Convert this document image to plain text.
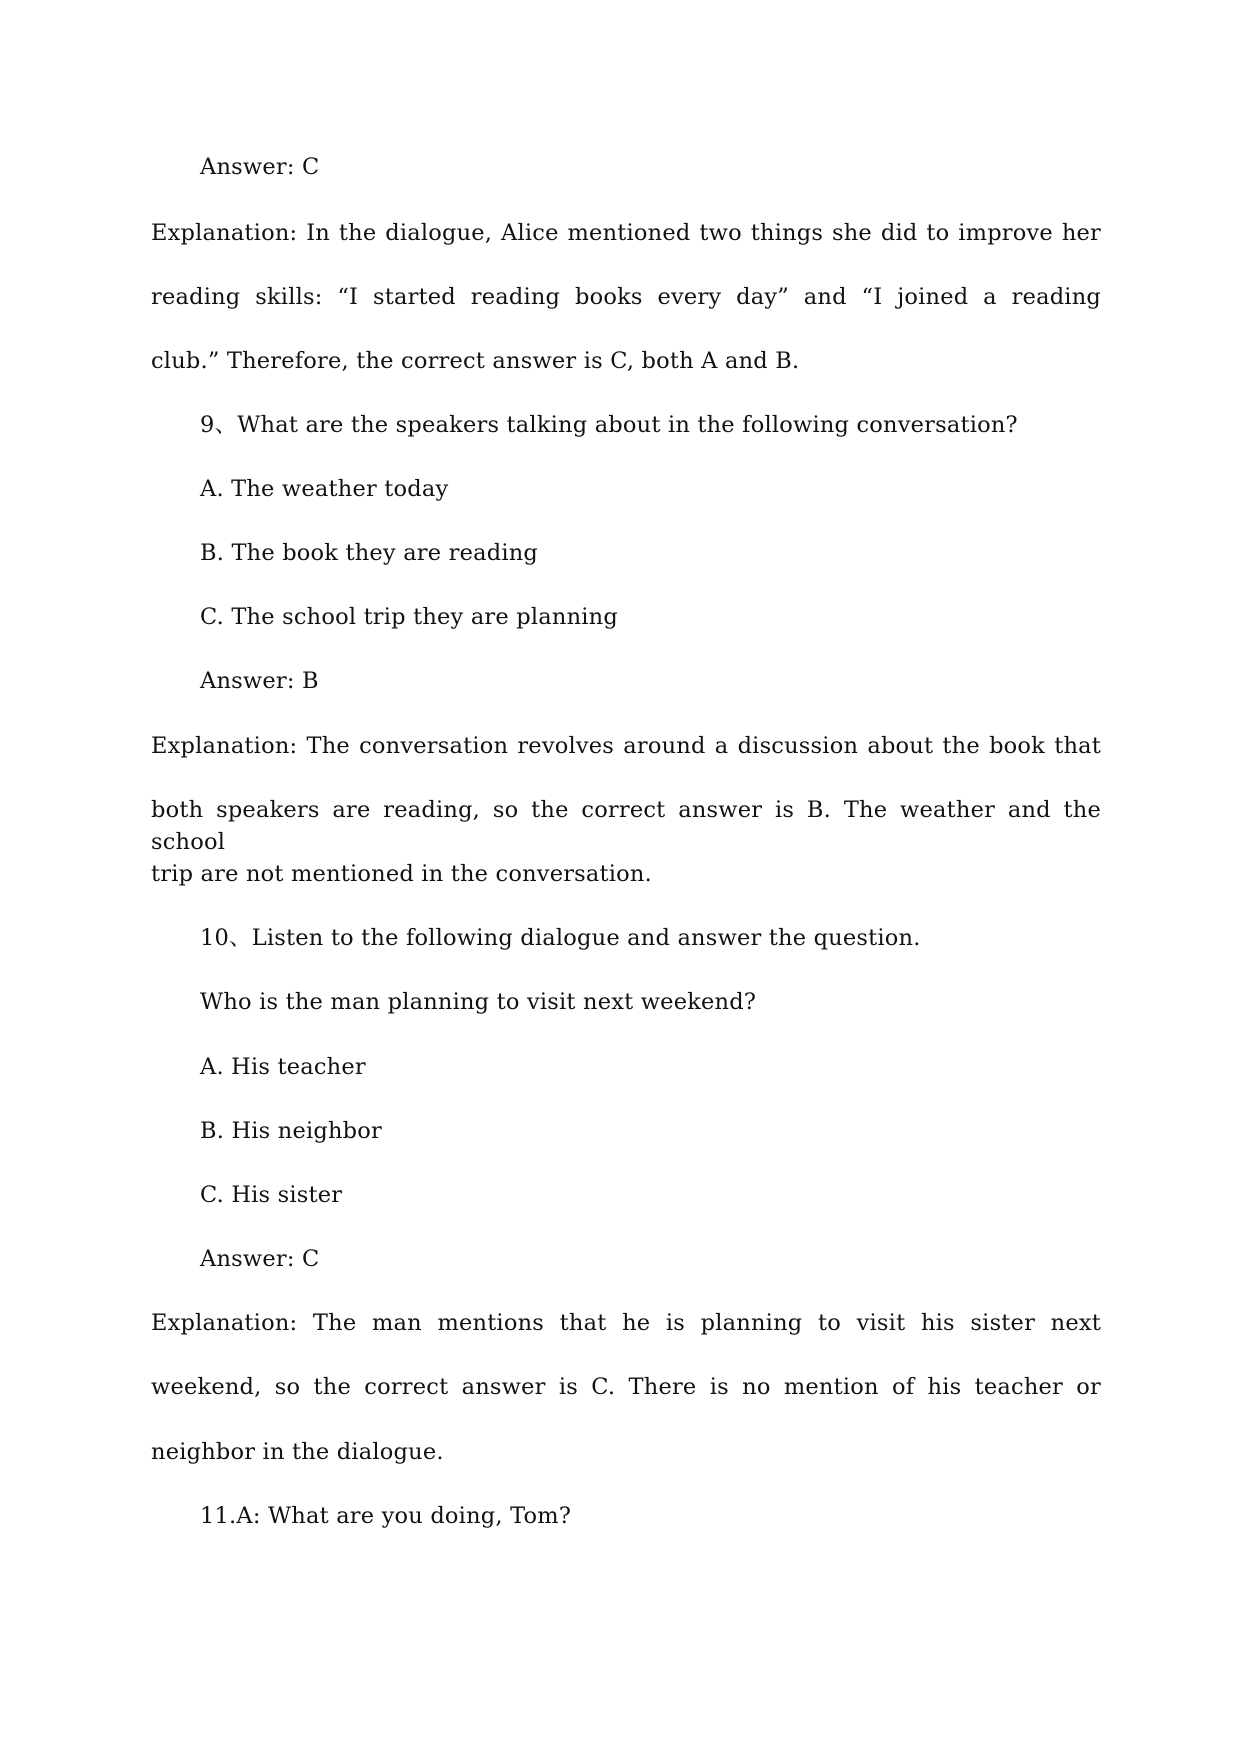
Answer: C
Explanation: In the dialogue, Alice mentioned two things she did to improve her
reading skills: “I started reading books every day” and “I joined a reading
club.” Therefore, the correct answer is C, both A and B.
9、What are the speakers talking about in the following conversation?
A. The weather today
B. The book they are reading
C. The school trip they are planning
Answer: B
Explanation: The conversation revolves around a discussion about the book that
both speakers are reading, so the correct answer is B. The weather and the school
trip are not mentioned in the conversation.
10、Listen to the following dialogue and answer the question.
Who is the man planning to visit next weekend?
A. His teacher
B. His neighbor
C. His sister
Answer: C
Explanation: The man mentions that he is planning to visit his sister next
weekend, so the correct answer is C. There is no mention of his teacher or
neighbor in the dialogue.
11.A: What are you doing, Tom?
